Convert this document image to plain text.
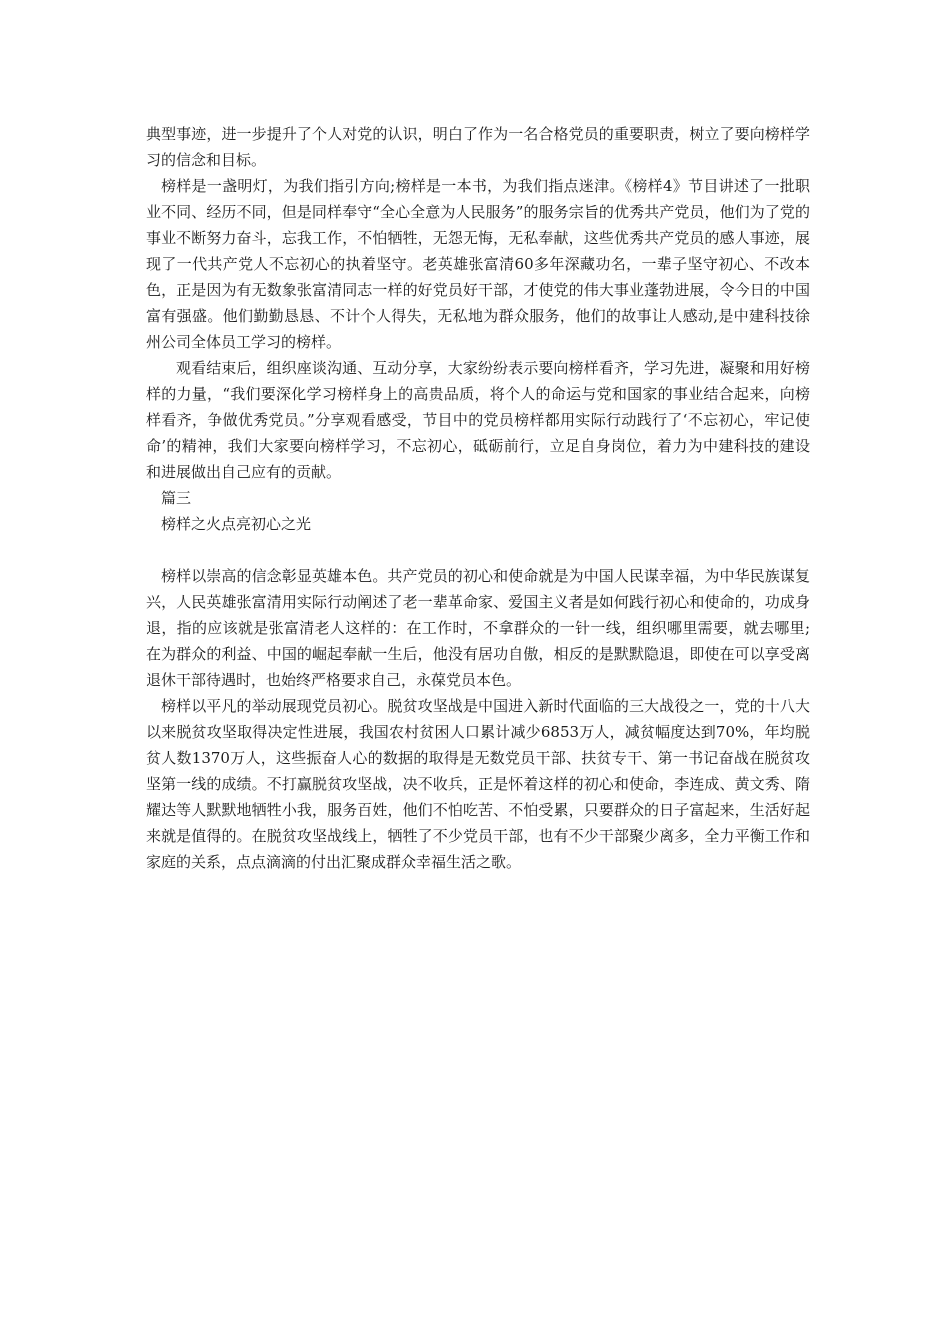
典型事迹，进一步提升了个人对党的认识，明白了作为一名合格党员的重要职责，树立了要向榜样学习的信念和目标。

榜样是一盏明灯，为我们指引方向;榜样是一本书，为我们指点迷津。《榜样4》节目讲述了一批职业不同、经历不同，但是同样奉守“全心全意为人民服务”的服务宗旨的优秀共产党员，他们为了党的事业不断努力奋斗，忘我工作，不怕牺牲，无怨无悔，无私奉献，这些优秀共产党员的感人事迹，展现了一代共产党人不忘初心的执着坚守。老英雄张富清60多年深藏功名，一辈子坚守初心、不改本色，正是因为有无数象张富清同志一样的好党员好干部，才使党的伟大事业蓬勃进展，令今日的中国富有强盛。他们勤勤恳恳、不计个人得失，无私地为群众服务，他们的故事让人感动,是中建科技徐州公司全体员工学习的榜样。

观看结束后，组织座谈沟通、互动分享，大家纷纷表示要向榜样看齐，学习先进，凝聚和用好榜样的力量，“我们要深化学习榜样身上的高贵品质，将个人的命运与党和国家的事业结合起来，向榜样看齐，争做优秀党员。”分享观看感受，节目中的党员榜样都用实际行动践行了‘不忘初心，牢记使命’的精神，我们大家要向榜样学习，不忘初心，砥砺前行，立足自身岗位，着力为中建科技的建设和进展做出自己应有的贡献。

篇三

榜样之火点亮初心之光

榜样以崇高的信念彰显英雄本色。共产党员的初心和使命就是为中国人民谋幸福，为中华民族谋复兴，人民英雄张富清用实际行动阐述了老一辈革命家、爱国主义者是如何践行初心和使命的，功成身退，指的应该就是张富清老人这样的：在工作时，不拿群众的一针一线，组织哪里需要，就去哪里;在为群众的利益、中国的崛起奉献一生后，他没有居功自傲，相反的是默默隐退，即使在可以享受离退休干部待遇时，也始终严格要求自己，永葆党员本色。

榜样以平凡的举动展现党员初心。脱贫攻坚战是中国进入新时代面临的三大战役之一，党的十八大以来脱贫攻坚取得决定性进展，我国农村贫困人口累计减少6853万人，减贫幅度达到70%，年均脱贫人数1370万人，这些振奋人心的数据的取得是无数党员干部、扶贫专干、第一书记奋战在脱贫攻坚第一线的成绩。不打赢脱贫攻坚战，决不收兵，正是怀着这样的初心和使命，李连成、黄文秀、隋耀达等人默默地牺牲小我，服务百姓，他们不怕吃苦、不怕受累，只要群众的日子富起来，生活好起来就是值得的。在脱贫攻坚战线上，牺牲了不少党员干部，也有不少干部聚少离多，全力平衡工作和家庭的关系，点点滴滴的付出汇聚成群众幸福生活之歌。
